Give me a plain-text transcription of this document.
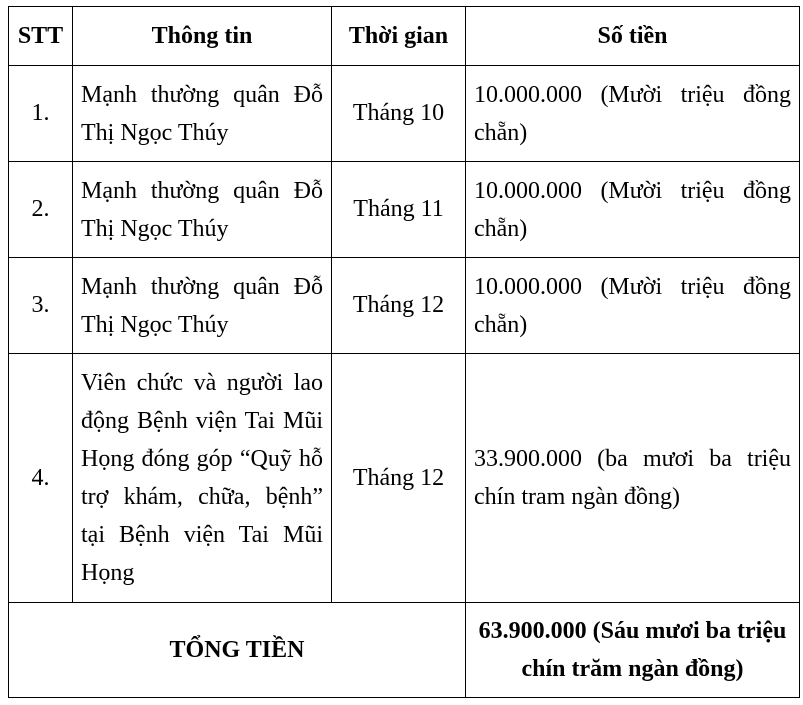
STT	Thông tin	Thời gian	Số tiền
1.	Mạnh thường quân Đỗ Thị Ngọc Thúy	Tháng 10	10.000.000 (Mười triệu đồng chẵn)
2.	Mạnh thường quân Đỗ Thị Ngọc Thúy	Tháng 11	10.000.000 (Mười triệu đồng chẵn)
3.	Mạnh thường quân Đỗ Thị Ngọc Thúy	Tháng 12	10.000.000 (Mười triệu đồng chẵn)
4.	Viên chức và người lao động Bệnh viện Tai Mũi Họng đóng góp “Quỹ hỗ trợ khám, chữa, bệnh” tại Bệnh viện Tai Mũi Họng	Tháng 12	33.900.000 (ba mươi ba triệu chín tram ngàn đồng)
TỔNG TIỀN			63.900.000 (Sáu mươi ba triệu chín trăm ngàn đồng)
